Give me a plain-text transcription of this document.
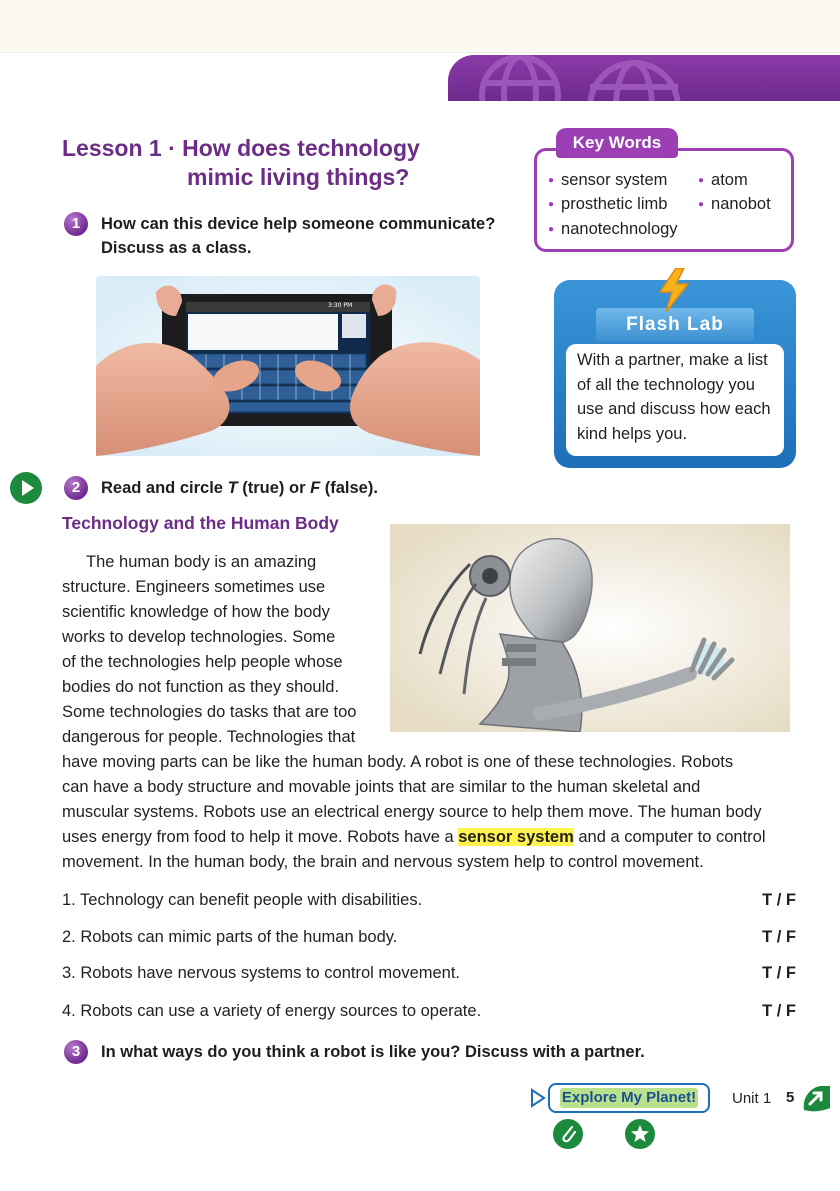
Lesson 1 · How does technology
mimic living things?
1	How can this device help someone communicate? Discuss as a class.
Key Words
● sensor system	● atom
● prosthetic limb	● nanobot
● nanotechnology
3:30 PM
Flash Lab
With a partner, make a list of all the technology you use and discuss how each kind helps you.
2	Read and circle T (true) or F (false).
Technology and the Human Body
The human body is an amazing
structure. Engineers sometimes use
scientific knowledge of how the body
works to develop technologies. Some
of the technologies help people whose
bodies do not function as they should.
Some technologies do tasks that are too
dangerous for people. Technologies that
have moving parts can be like the human body. A robot is one of these technologies. Robots
can have a body structure and movable joints that are similar to the human skeletal and
muscular systems. Robots use an electrical energy source to help them move. The human body
uses energy from food to help it move. Robots have a sensor system and a computer to control
movement. In the human body, the brain and nervous system help to control movement.
1. Technology can benefit people with disabilities.	T / F
2. Robots can mimic parts of the human body.	T / F
3. Robots have nervous systems to control movement.	T / F
4. Robots can use a variety of energy sources to operate.	T / F
3	In what ways do you think a robot is like you? Discuss with a partner.
Explore My Planet! Unit 1 5
